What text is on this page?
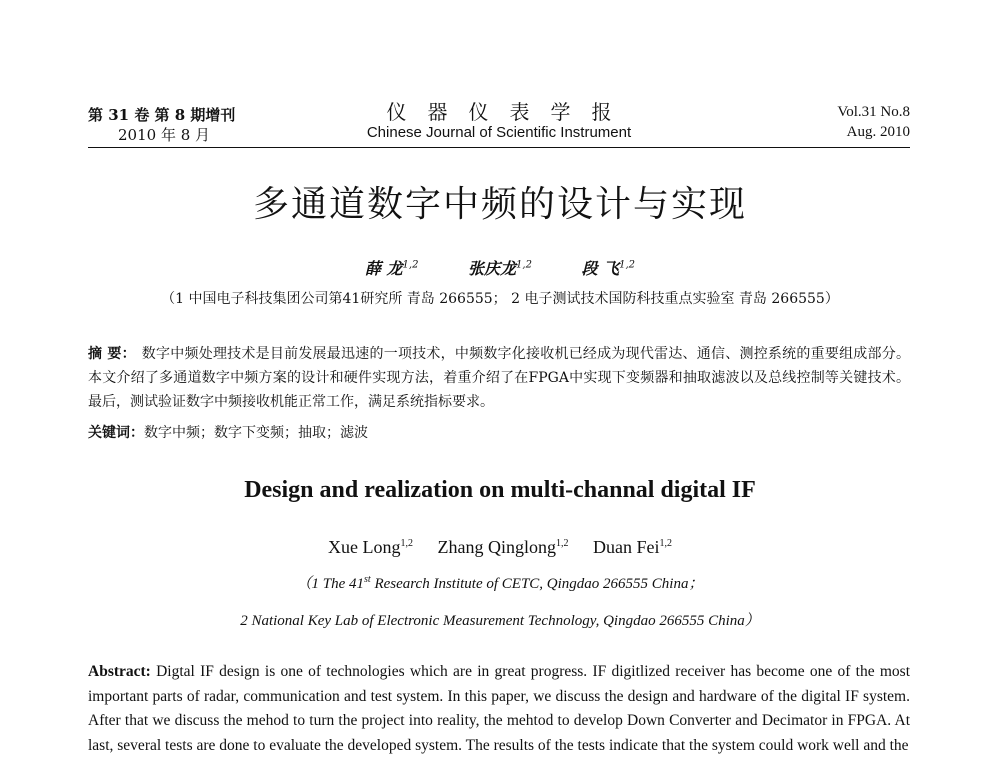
第 31 卷 第 8 期增刊
2010 年 8 月
仪器仪表学报
Chinese Journal of Scientific Instrument
Vol.31 No.8
Aug. 2010
多通道数字中频的设计与实现
薛 龙$^{1,2}$	张庆龙$^{1,2}$	段 飞$^{1,2}$
（1 中国电子科技集团公司第41研究所 青岛 266555； 2 电子测试技术国防科技重点实验室 青岛 266555）
摘 要： 数字中频处理技术是目前发展最迅速的一项技术，中频数字化接收机已经成为现代雷达、通信、测控系统的重要组成部分。本文介绍了多通道数字中频方案的设计和硬件实现方法，着重介绍了在FPGA中实现下变频器和抽取滤波以及总线控制等关键技术。最后，测试验证数字中频接收机能正常工作，满足系统指标要求。
关键词：数字中频；数字下变频；抽取；滤波
Design and realization on multi-channal digital IF
Xue Long$^{1,2}$ Zhang Qinglong$^{1,2}$ Duan Fei$^{1,2}$
（1 The 41st Research Institute of CETC, Qingdao 266555 China；
2 National Key Lab of Electronic Measurement Technology, Qingdao 266555 China）
Abstract: Digtal IF design is one of technologies which are in great progress. IF digitlized receiver has become one of the most important parts of radar, communication and test system. In this paper, we discuss the design and hardware of the digital IF system. After that we discuss the mehod to turn the project into reality, the mehtod to develop Down Converter and Decimator in FPGA. At last, several tests are done to evaluate the developed system. The results of the tests indicate that the system could work well and the
